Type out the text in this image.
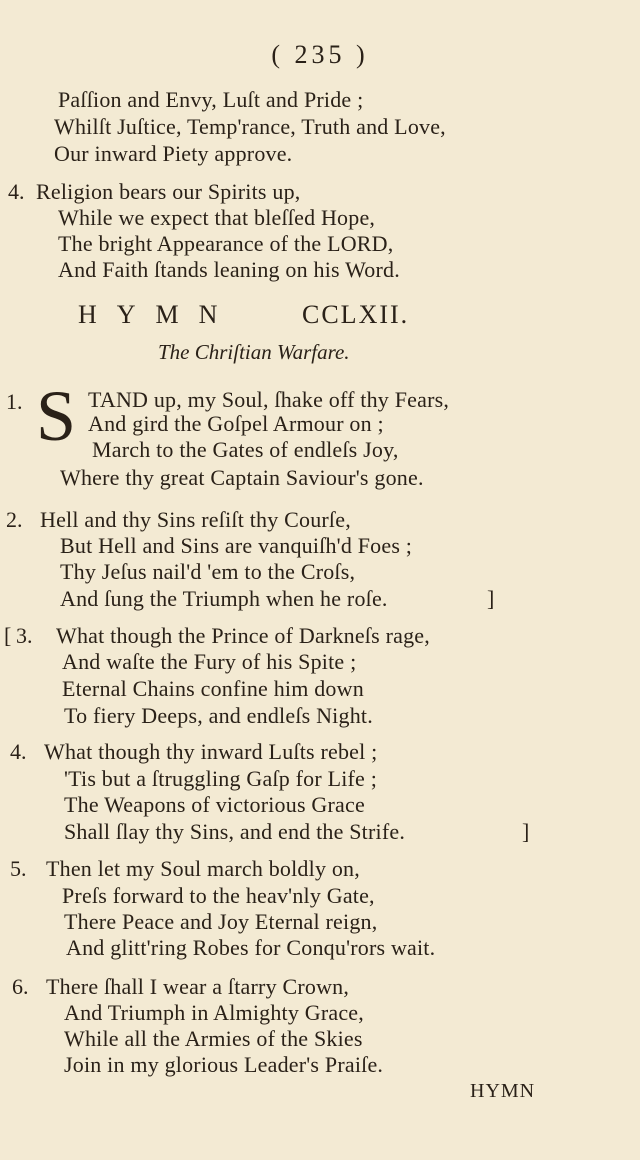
( 235 )
Paſſion and Envy, Luſt and Pride ;
Whilſt Juſtice, Temp'rance, Truth and Love,
Our inward Piety approve.
4. Religion bears our Spirits up,
While we expect that bleſſed Hope,
The bright Appearance of the LORD,
And Faith ſtands leaning on his Word.
HYMN CCLXII.
The Chriſtian Warfare.
1. S TAND up, my Soul, ſhake off thy Fears,
And gird the Goſpel Armour on ;
March to the Gates of endleſs Joy,
Where thy great Captain Saviour's gone.
2. Hell and thy Sins reſiſt thy Courſe,
But Hell and Sins are vanquiſh'd Foes ;
Thy Jeſus nail'd 'em to the Croſs,
And ſung the Triumph when he roſe.	]
[ 3. What though the Prince of Darkneſs rage,
And waſte the Fury of his Spite ;
Eternal Chains confine him down
To fiery Deeps, and endleſs Night.
4. What though thy inward Luſts rebel ;
'Tis but a ſtruggling Gaſp for Life ;
The Weapons of victorious Grace
Shall ſlay thy Sins, and end the Strife.	]
5. Then let my Soul march boldly on,
Preſs forward to the heav'nly Gate,
There Peace and Joy Eternal reign,
And glitt'ring Robes for Conqu'rors wait.
6. There ſhall I wear a ſtarry Crown,
And Triumph in Almighty Grace,
While all the Armies of the Skies
Join in my glorious Leader's Praiſe.
HYMN
